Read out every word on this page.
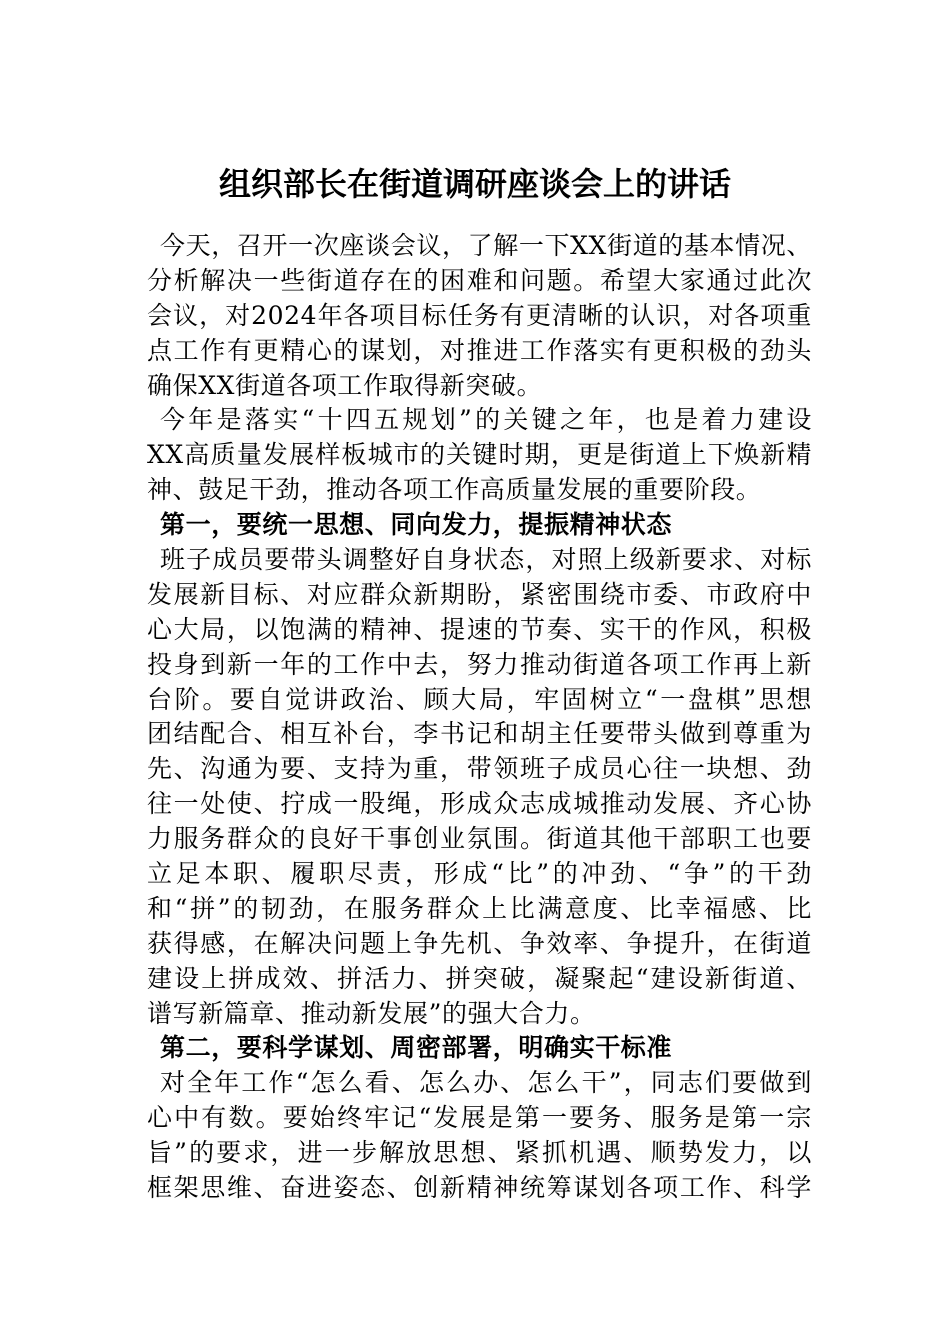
组织部长在街道调研座谈会上的讲话
今天，召开一次座谈会议，了解一下XX街道的基本情况、
分析解决一些街道存在的困难和问题。希望大家通过此次
会议，对2024年各项目标任务有更清晰的认识，对各项重
点工作有更精心的谋划，对推进工作落实有更积极的劲头
确保XX街道各项工作取得新突破。
今年是落实“十四五规划”的关键之年，也是着力建设
XX高质量发展样板城市的关键时期，更是街道上下焕新精
神、鼓足干劲，推动各项工作高质量发展的重要阶段。
第一，要统一思想、同向发力，提振精神状态
班子成员要带头调整好自身状态，对照上级新要求、对标
发展新目标、对应群众新期盼，紧密围绕市委、市政府中
心大局，以饱满的精神、提速的节奏、实干的作风，积极
投身到新一年的工作中去，努力推动街道各项工作再上新
台阶。要自觉讲政治、顾大局，牢固树立“一盘棋”思想
团结配合、相互补台，李书记和胡主任要带头做到尊重为
先、沟通为要、支持为重，带领班子成员心往一块想、劲
往一处使、拧成一股绳，形成众志成城推动发展、齐心协
力服务群众的良好干事创业氛围。街道其他干部职工也要
立足本职、履职尽责，形成“比”的冲劲、“争”的干劲
和“拼”的韧劲，在服务群众上比满意度、比幸福感、比
获得感，在解决问题上争先机、争效率、争提升，在街道
建设上拼成效、拼活力、拼突破，凝聚起“建设新街道、
谱写新篇章、推动新发展”的强大合力。
第二，要科学谋划、周密部署，明确实干标准
对全年工作“怎么看、怎么办、怎么干”，同志们要做到
心中有数。要始终牢记“发展是第一要务、服务是第一宗
旨”的要求，进一步解放思想、紧抓机遇、顺势发力，以
框架思维、奋进姿态、创新精神统筹谋划各项工作、科学
